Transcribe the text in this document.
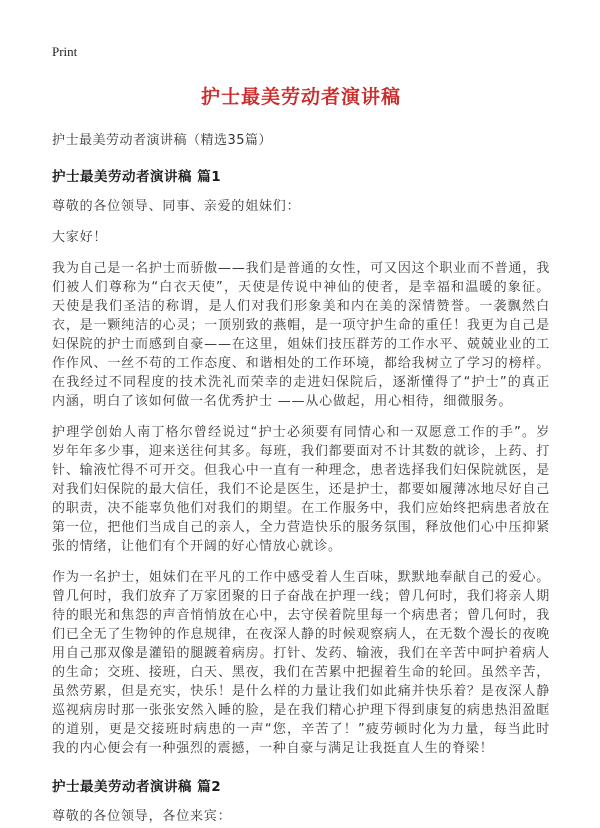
Print
护士最美劳动者演讲稿

护士最美劳动者演讲稿（精选35篇）

护士最美劳动者演讲稿 篇1

尊敬的各位领导、同事、亲爱的姐妹们：

大家好！

我为自己是一名护士而骄傲——我们是普通的女性，可又因这个职业而不普通，我们被人们尊称为“白衣天使”，天使是传说中神仙的使者，是幸福和温暖的象征。天使是我们圣洁的称谓，是人们对我们形象美和内在美的深情赞誉。一袭飘然白衣，是一颗纯洁的心灵；一顶别致的燕帽，是一项守护生命的重任！我更为自己是妇保院的护士而感到自豪——在这里，姐妹们技压群芳的工作水平、兢兢业业的工作作风、一丝不苟的工作态度、和谐相处的工作环境，都给我树立了学习的榜样。在我经过不同程度的技术洗礼而荣幸的走进妇保院后，逐渐懂得了“护士”的真正内涵，明白了该如何做一名优秀护士 ——从心做起，用心相待，细微服务。

护理学创始人南丁格尔曾经说过“护士必须要有同情心和一双愿意工作的手”。岁岁年年多少事，迎来送往何其多。每班，我们都要面对不计其数的就诊，上药、打针、输液忙得不可开交。但我心中一直有一种理念，患者选择我们妇保院就医，是对我们妇保院的最大信任，我们不论是医生，还是护士，都要如履薄冰地尽好自己的职责，决不能辜负他们对我们的期望。在工作服务中，我们应始终把病患者放在第一位，把他们当成自己的亲人，全力营造快乐的服务氛围，释放他们心中压抑紧张的情绪，让他们有个开阔的好心情放心就诊。

作为一名护士，姐妹们在平凡的工作中感受着人生百味，默默地奉献自己的爱心。曾几何时，我们放弃了万家团聚的日子奋战在护理一线；曾几何时，我们将亲人期待的眼光和焦怨的声音悄悄放在心中，去守侯着院里每一个病患者；曾几何时，我们已全无了生物钟的作息规律，在夜深人静的时候观察病人，在无数个漫长的夜晚用自己那双像是灌铅的腿踱着病房。打针、发药、输液，我们在辛苦中呵护着病人的生命；交班、接班，白天、黑夜，我们在苦累中把握着生命的轮回。虽然辛苦，虽然劳累，但是充实，快乐！是什么样的力量让我们如此痛并快乐着？是夜深人静巡视病房时那一张张安然入睡的脸，是在我们精心护理下得到康复的病患热泪盈眶的道别，更是交接班时病患的一声“您，辛苦了！”疲劳顿时化为力量，每当此时我的内心便会有一种强烈的震撼，一种自豪与满足让我挺直人生的脊梁！

护士最美劳动者演讲稿 篇2

尊敬的各位领导，各位来宾：
